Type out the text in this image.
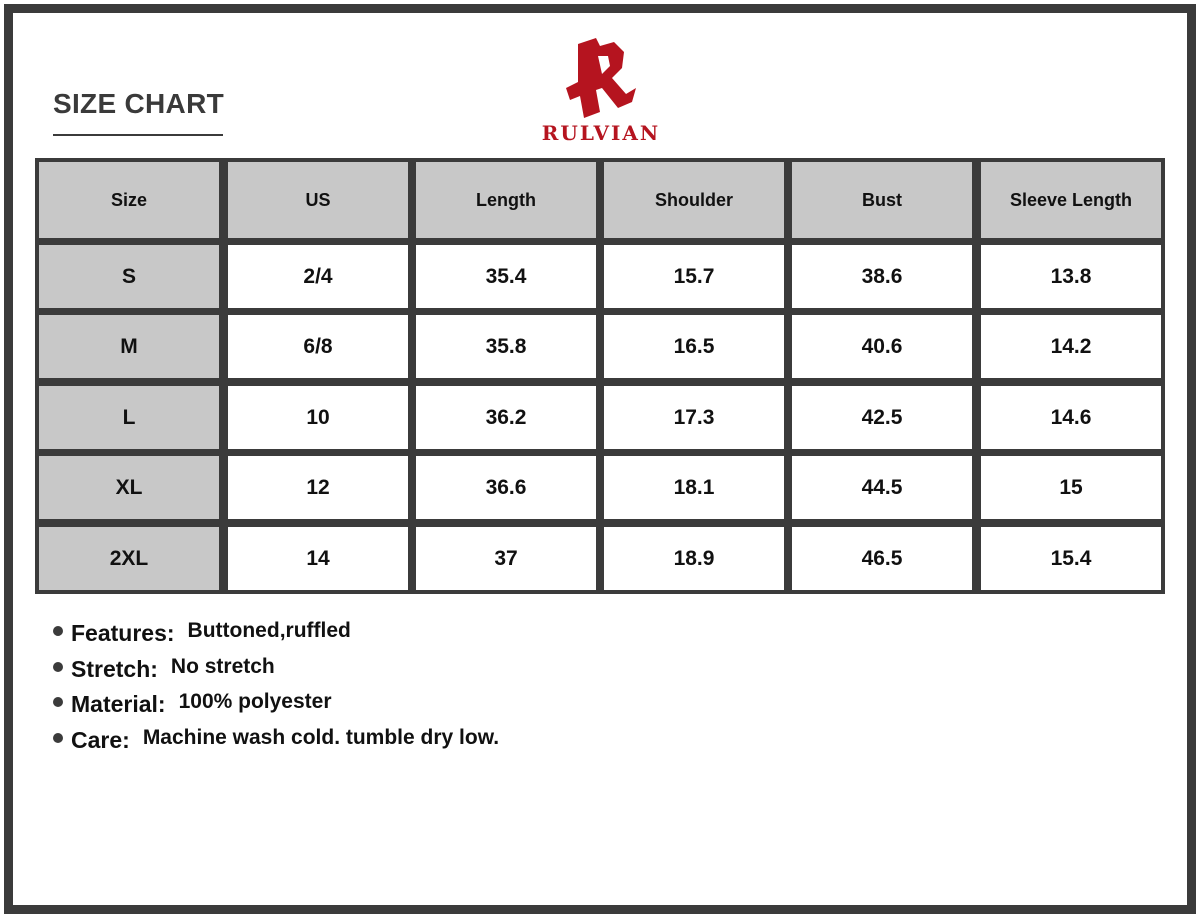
SIZE CHART
RULVIAN
Size	US	Length	Shoulder	Bust	Sleeve Length
S	2/4	35.4	15.7	38.6	13.8
M	6/8	35.8	16.5	40.6	14.2
L	10	36.2	17.3	42.5	14.6
XL	12	36.6	18.1	44.5	15
2XL	14	37	18.9	46.5	15.4
Features: Buttoned,ruffled
Stretch: No stretch
Material: 100% polyester
Care: Machine wash cold. tumble dry low.
